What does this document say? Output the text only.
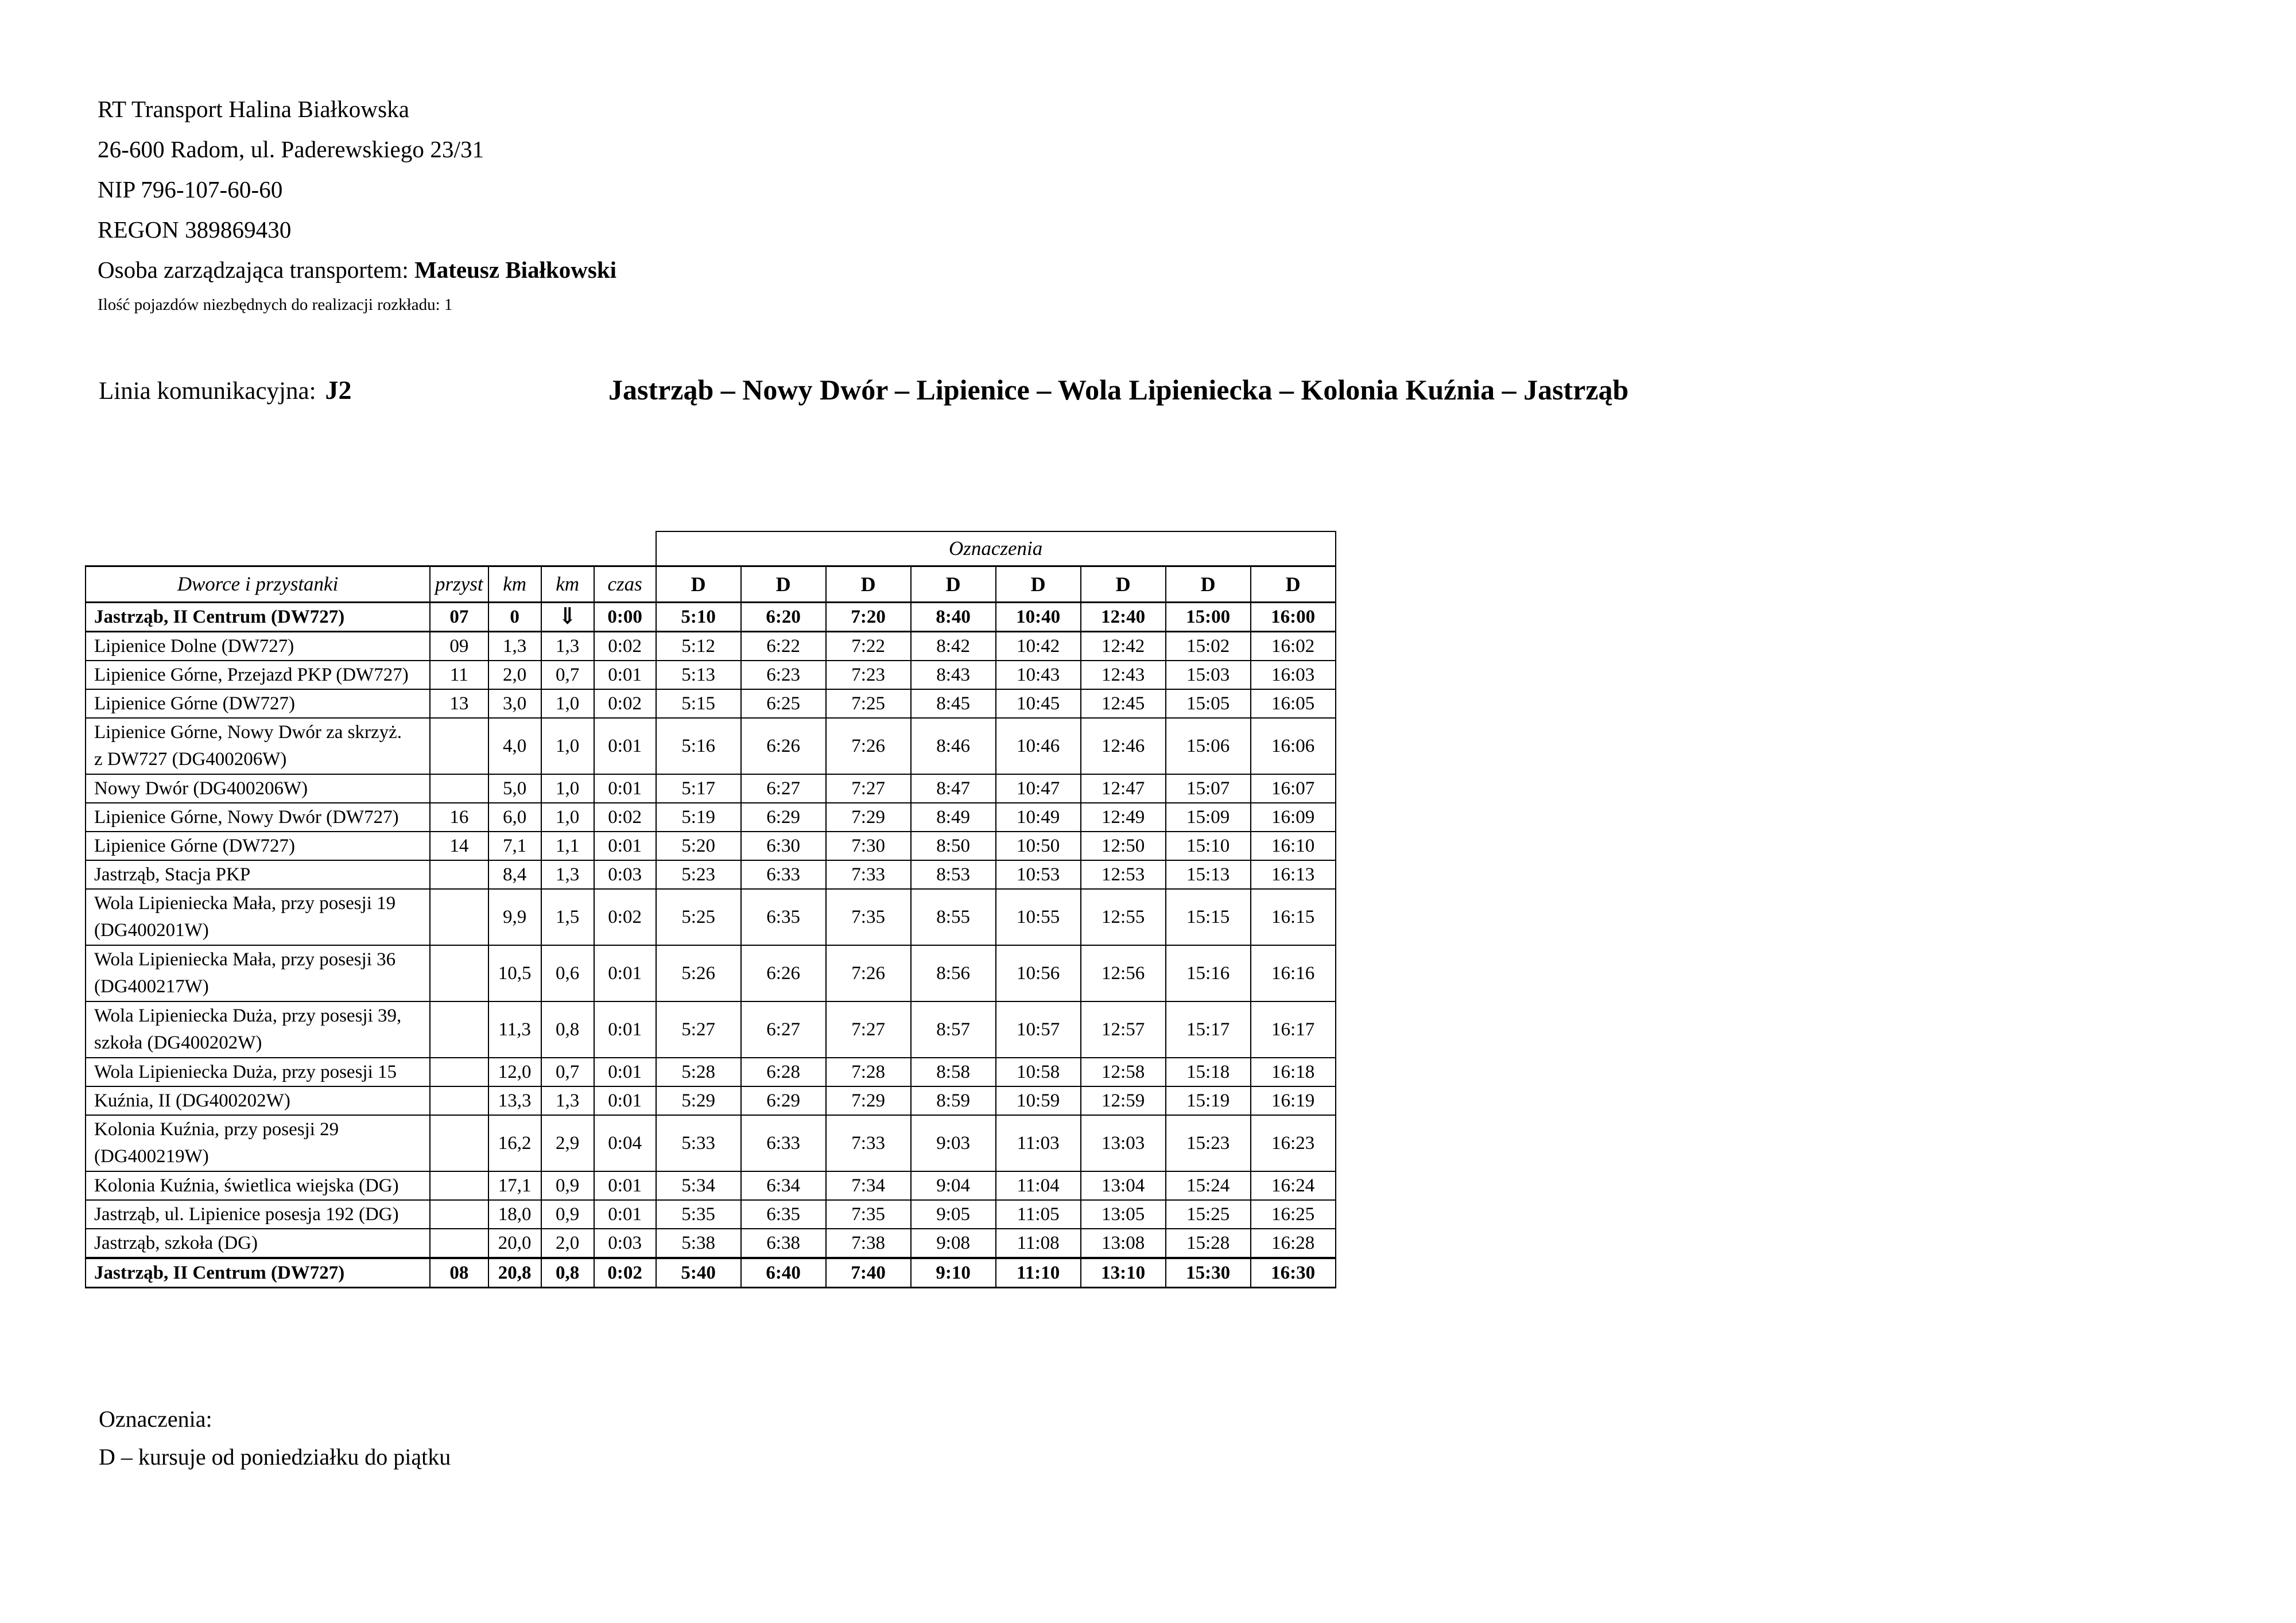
RT Transport Halina Białkowska
26-600 Radom, ul. Paderewskiego 23/31
NIP 796-107-60-60
REGON 389869430
Osoba zarządzająca transportem: Mateusz Białkowski
Ilość pojazdów niezbędnych do realizacji rozkładu: 1
Linia komunikacyjna: J2	Jastrząb – Nowy Dwór – Lipienice – Wola Lipieniecka – Kolonia Kuźnia – Jastrząb
					Oznaczenia							
Dworce i przystanki	przyst	km	km	czas	D	D	D	D	D	D	D	D
Jastrząb, II Centrum (DW727)	07	0	⇓	0:00	5:10	6:20	7:20	8:40	10:40	12:40	15:00	16:00
Lipienice Dolne (DW727)	09	1,3	1,3	0:02	5:12	6:22	7:22	8:42	10:42	12:42	15:02	16:02
Lipienice Górne, Przejazd PKP (DW727)	11	2,0	0,7	0:01	5:13	6:23	7:23	8:43	10:43	12:43	15:03	16:03
Lipienice Górne (DW727)	13	3,0	1,0	0:02	5:15	6:25	7:25	8:45	10:45	12:45	15:05	16:05

Lipienice Górne, Nowy Dwór za skrzyż.
z DW727 (DG400206W)		4,0	1,0	0:01	5:16	6:26	7:26	8:46	10:46	12:46	15:06	16:06
Nowy Dwór (DG400206W)		5,0	1,0	0:01	5:17	6:27	7:27	8:47	10:47	12:47	15:07	16:07
Lipienice Górne, Nowy Dwór (DW727)	16	6,0	1,0	0:02	5:19	6:29	7:29	8:49	10:49	12:49	15:09	16:09
Lipienice Górne (DW727)	14	7,1	1,1	0:01	5:20	6:30	7:30	8:50	10:50	12:50	15:10	16:10
Jastrząb, Stacja PKP		8,4	1,3	0:03	5:23	6:33	7:33	8:53	10:53	12:53	15:13	16:13

Wola Lipieniecka Mała, przy posesji 19
(DG400201W)		9,9	1,5	0:02	5:25	6:35	7:35	8:55	10:55	12:55	15:15	16:15

Wola Lipieniecka Mała, przy posesji 36
(DG400217W)		10,5	0,6	0:01	5:26	6:26	7:26	8:56	10:56	12:56	15:16	16:16

Wola Lipieniecka Duża, przy posesji 39,
szkoła (DG400202W)		11,3	0,8	0:01	5:27	6:27	7:27	8:57	10:57	12:57	15:17	16:17
Wola Lipieniecka Duża, przy posesji 15		12,0	0,7	0:01	5:28	6:28	7:28	8:58	10:58	12:58	15:18	16:18
Kuźnia, II (DG400202W)		13,3	1,3	0:01	5:29	6:29	7:29	8:59	10:59	12:59	15:19	16:19

Kolonia Kuźnia, przy posesji 29
(DG400219W)		16,2	2,9	0:04	5:33	6:33	7:33	9:03	11:03	13:03	15:23	16:23
Kolonia Kuźnia, świetlica wiejska (DG)		17,1	0,9	0:01	5:34	6:34	7:34	9:04	11:04	13:04	15:24	16:24
Jastrząb, ul. Lipienice posesja 192 (DG)		18,0	0,9	0:01	5:35	6:35	7:35	9:05	11:05	13:05	15:25	16:25
Jastrząb, szkoła (DG)		20,0	2,0	0:03	5:38	6:38	7:38	9:08	11:08	13:08	15:28	16:28
Jastrząb, II Centrum (DW727)	08	20,8	0,8	0:02	5:40	6:40	7:40	9:10	11:10	13:10	15:30	16:30
Oznaczenia:
D – kursuje od poniedziałku do piątku
